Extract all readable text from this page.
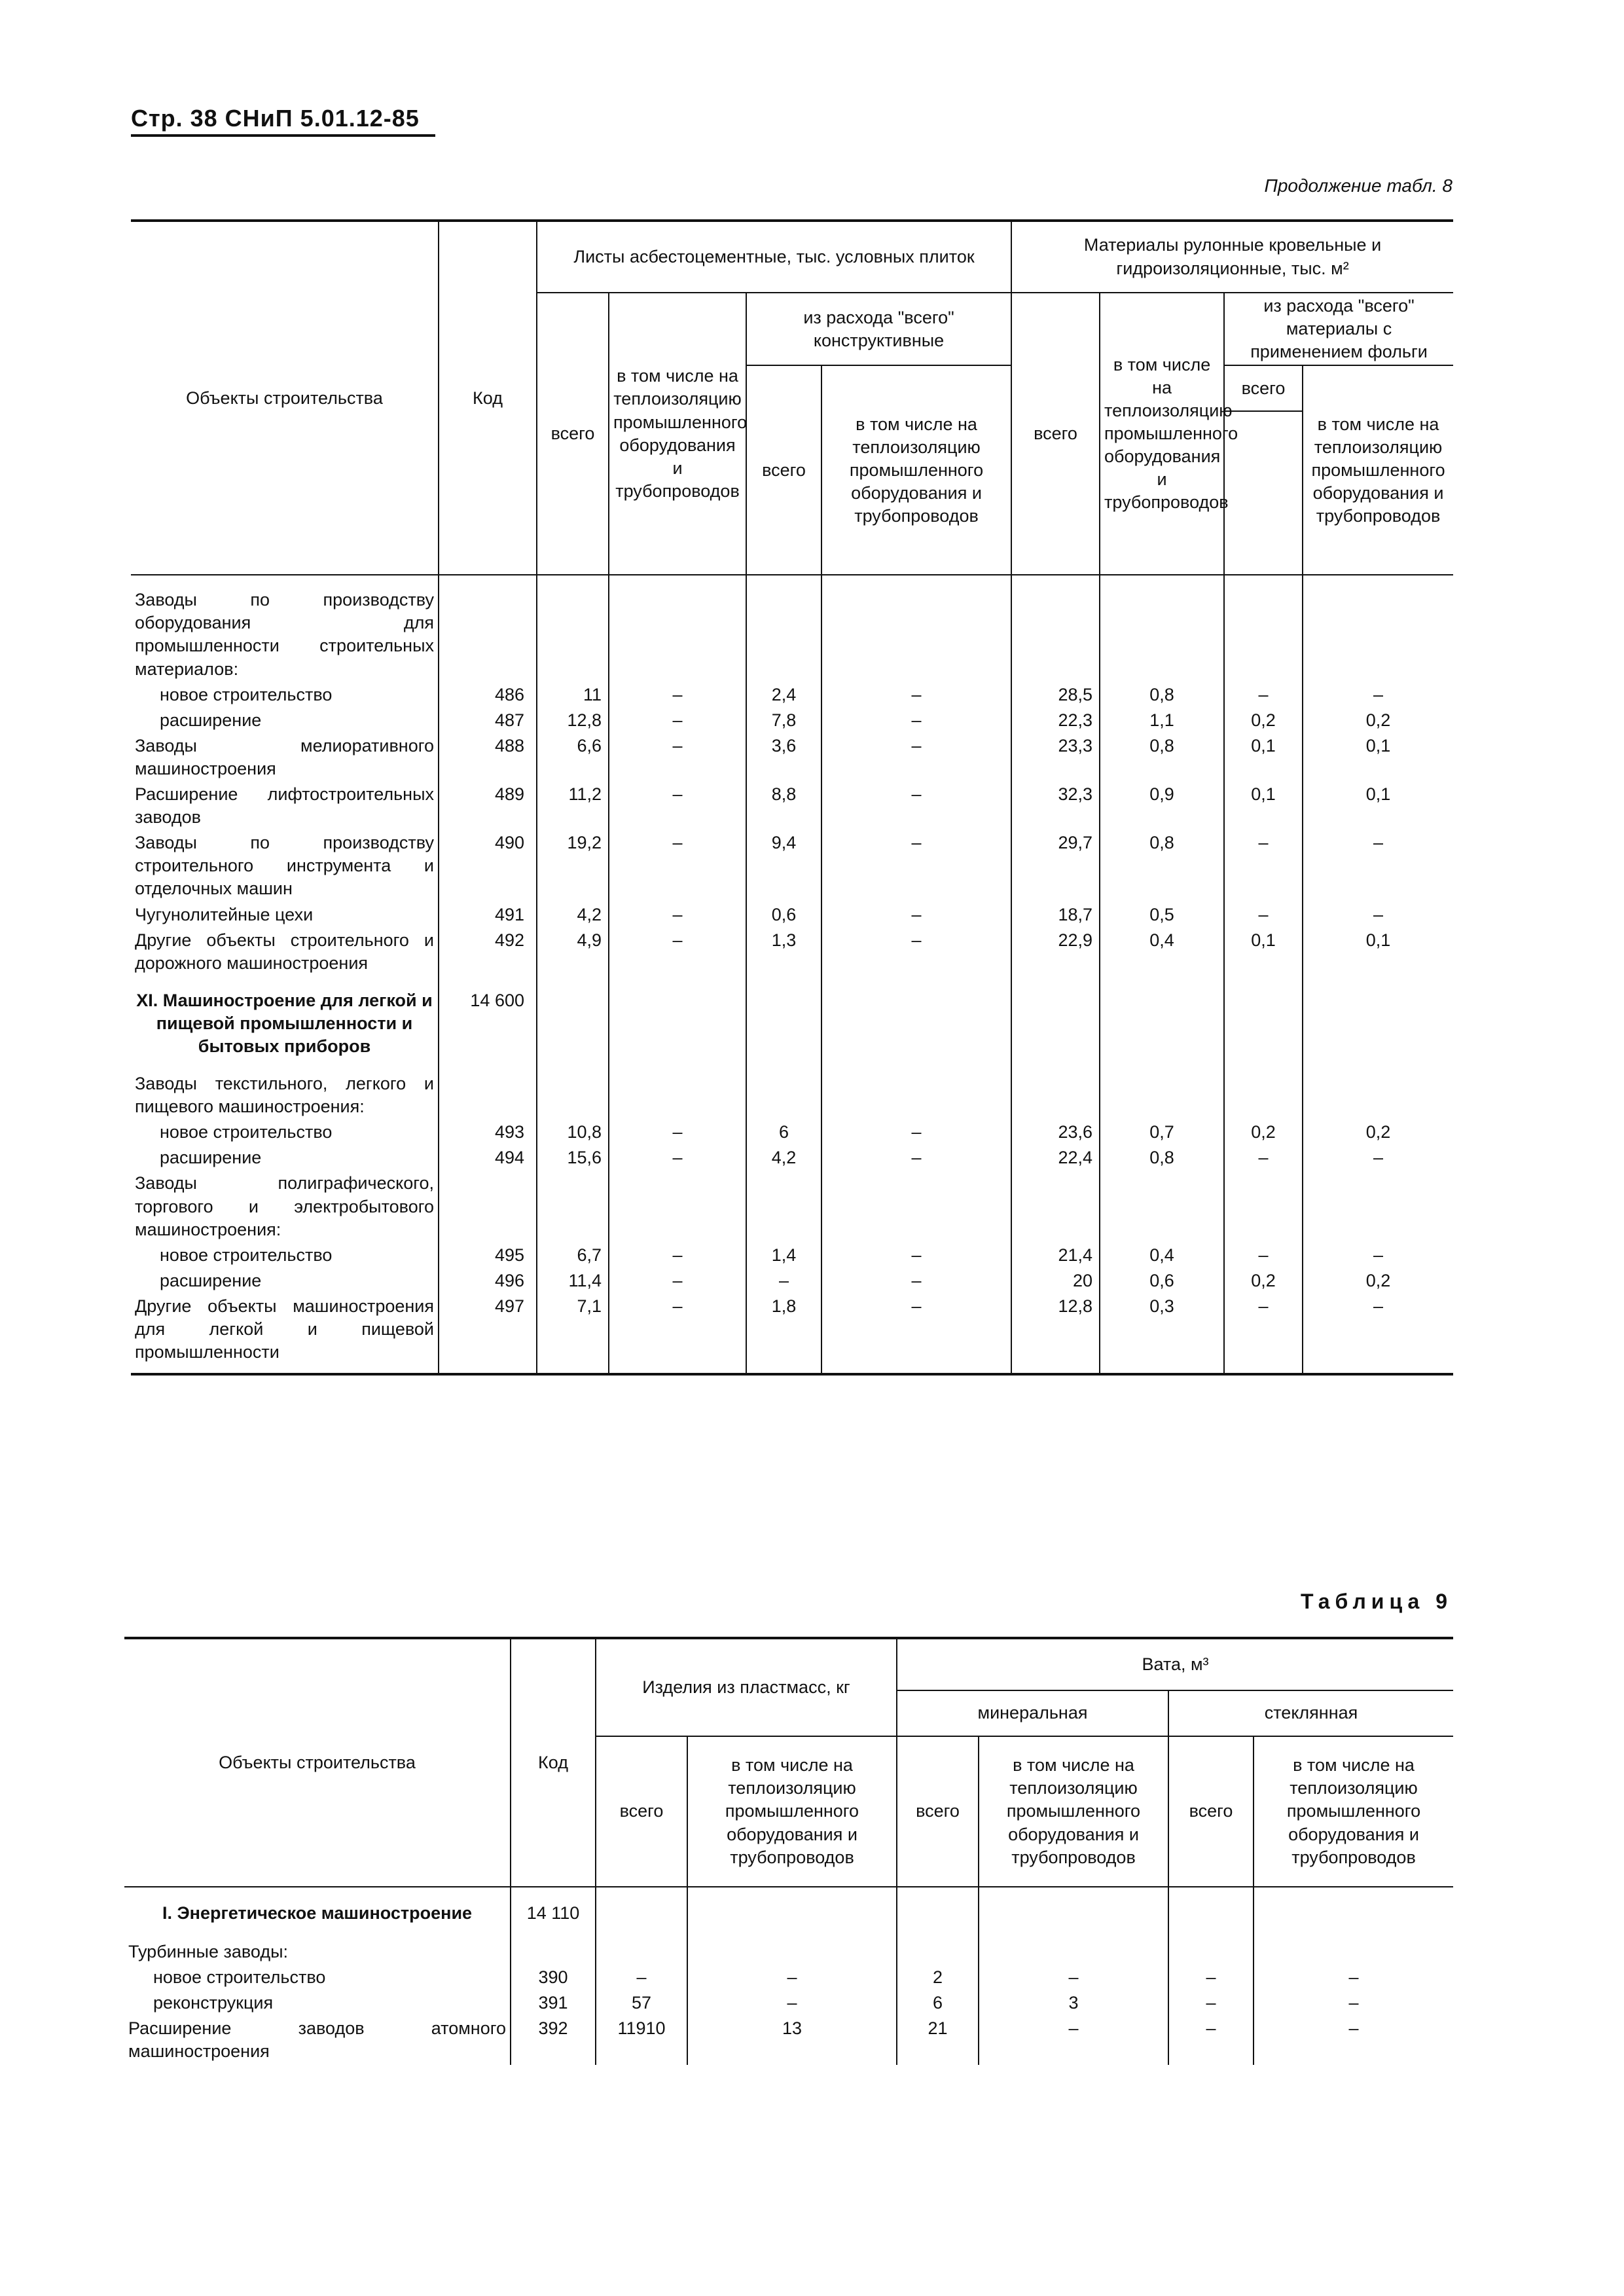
Стр. 38 СНиП 5.01.12-85
Продолжение табл. 8
Объекты строительства	Код	Листы асбестоцементные, тыс. условных плиток				Материалы рулонные кровельные и гидроизоляционные, тыс. м²			
		всего	в том числе на теплоизоляцию промышленного оборудования и трубопроводов	из расхода "всего" конструктивные		всего	в том числе на теплоизоляцию промышленного оборудования и трубопроводов	из расхода "всего" материалы с применением фольги	
				всего	в том числе на теплоизоляцию промышленного оборудования и трубопроводов			всего	в том числе на теплоизоляцию промышленного оборудования и трубопроводов

Заводы по производству оборудования для промышленности строительных материалов:									
новое строительство	486	11	–	2,4	–	28,5	0,8	–	–
расширение	487	12,8	–	7,8	–	22,3	1,1	0,2	0,2
Заводы мелиоративного машиностроения	488	6,6	–	3,6	–	23,3	0,8	0,1	0,1
Расширение лифтостроительных заводов	489	11,2	–	8,8	–	32,3	0,9	0,1	0,1
Заводы по производству строительного инструмента и отделочных машин	490	19,2	–	9,4	–	29,7	0,8	–	–
Чугунолитейные цехи	491	4,2	–	0,6	–	18,7	0,5	–	–
Другие объекты строительного и дорожного машиностроения	492	4,9	–	1,3	–	22,9	0,4	0,1	0,1
XI. Машиностроение для легкой и пищевой промышленности и бытовых приборов	14 600								
Заводы текстильного, легкого и пищевого машиностроения:									
новое строительство	493	10,8	–	6	–	23,6	0,7	0,2	0,2
расширение	494	15,6	–	4,2	–	22,4	0,8	–	–
Заводы полиграфического, торгового и электробытового машиностроения:									
новое строительство	495	6,7	–	1,4	–	21,4	0,4	–	–
расширение	496	11,4	–	–	–	20	0,6	0,2	0,2
Другие объекты машиностроения для легкой и пищевой промышленности	497	7,1	–	1,8	–	12,8	0,3	–	–
Таблица 9
Объекты строительства	Код	Изделия из пластмасс, кг		Вата, м³			
				минеральная		стеклянная	
		всего	в том числе на теплоизоляцию промышленного оборудования и трубопроводов	всего	в том числе на теплоизоляцию промышленного оборудования и трубопроводов	всего	в том числе на теплоизоляцию промышленного оборудования и трубопроводов
I. Энергетическое машиностроение	14 110						
Турбинные заводы:							
новое строительство	390	–	–	2	–	–	–
реконструкция	391	57	–	6	3	–	–
Расширение заводов атомного машиностроения	392	11910	13	21	–	–	–
